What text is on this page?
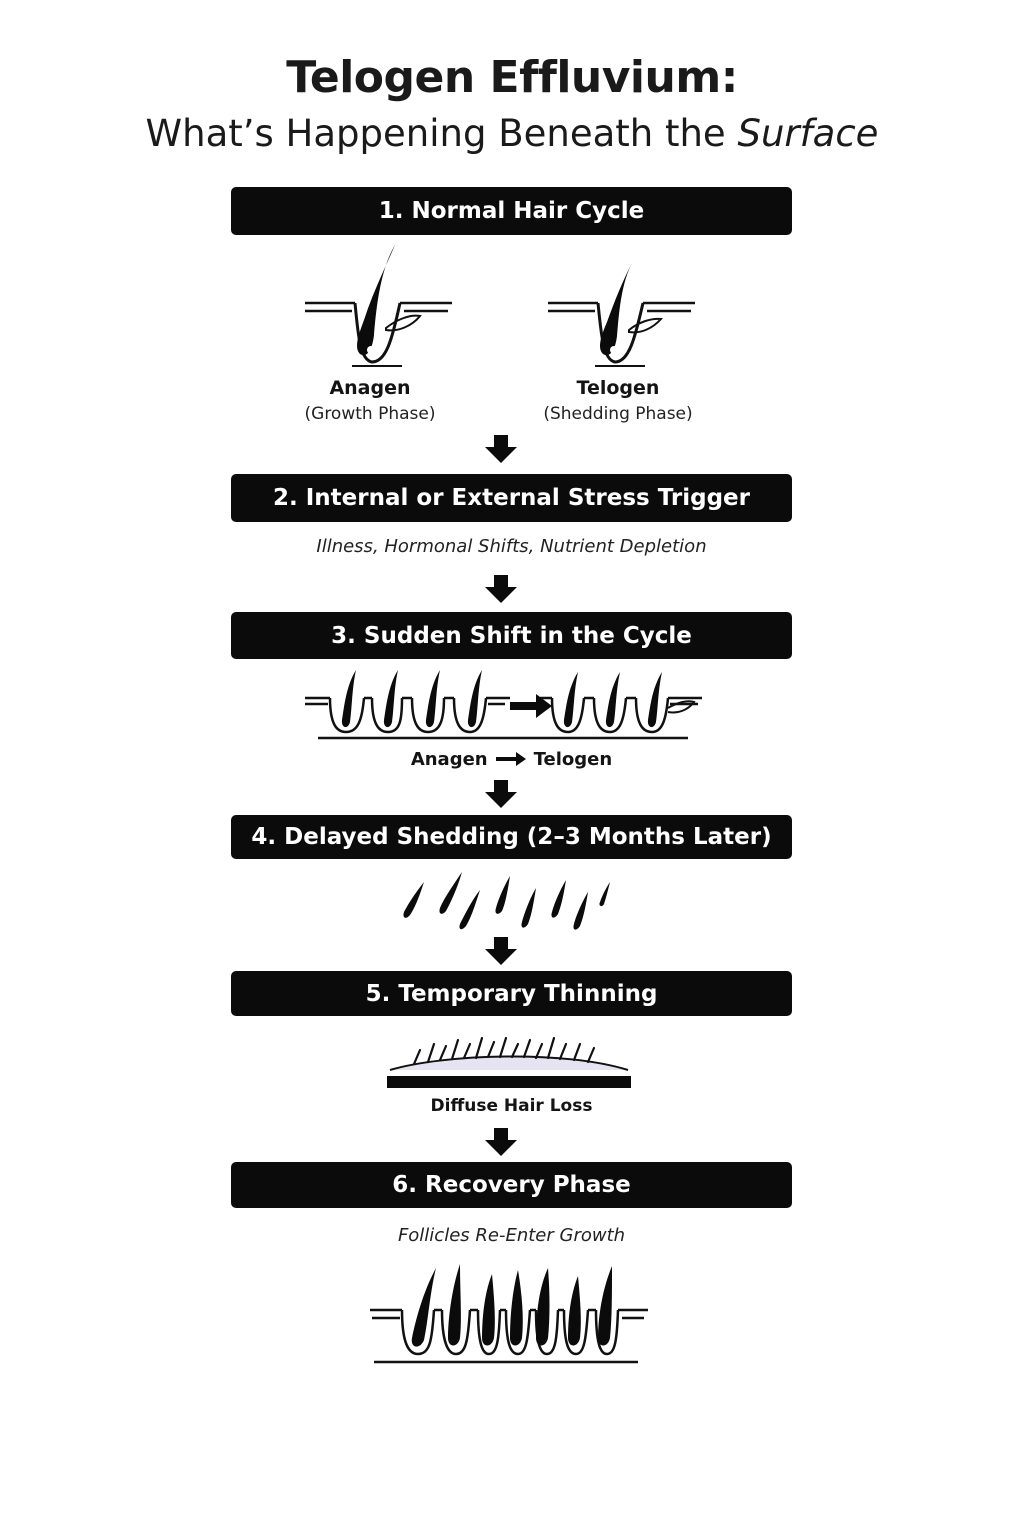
Telogen Effluvium:
What’s Happening Beneath the Surface
1. Normal Hair Cycle
Anagen
(Growth Phase)
Telogen
(Shedding Phase)
2. Internal or External Stress Trigger
Illness, Hormonal Shifts, Nutrient Depletion
3. Sudden Shift in the Cycle
Anagen	Telogen
4. Delayed Shedding (2–3 Months Later)
5. Temporary Thinning
Diffuse Hair Loss
6. Recovery Phase
Follicles Re-Enter Growth
